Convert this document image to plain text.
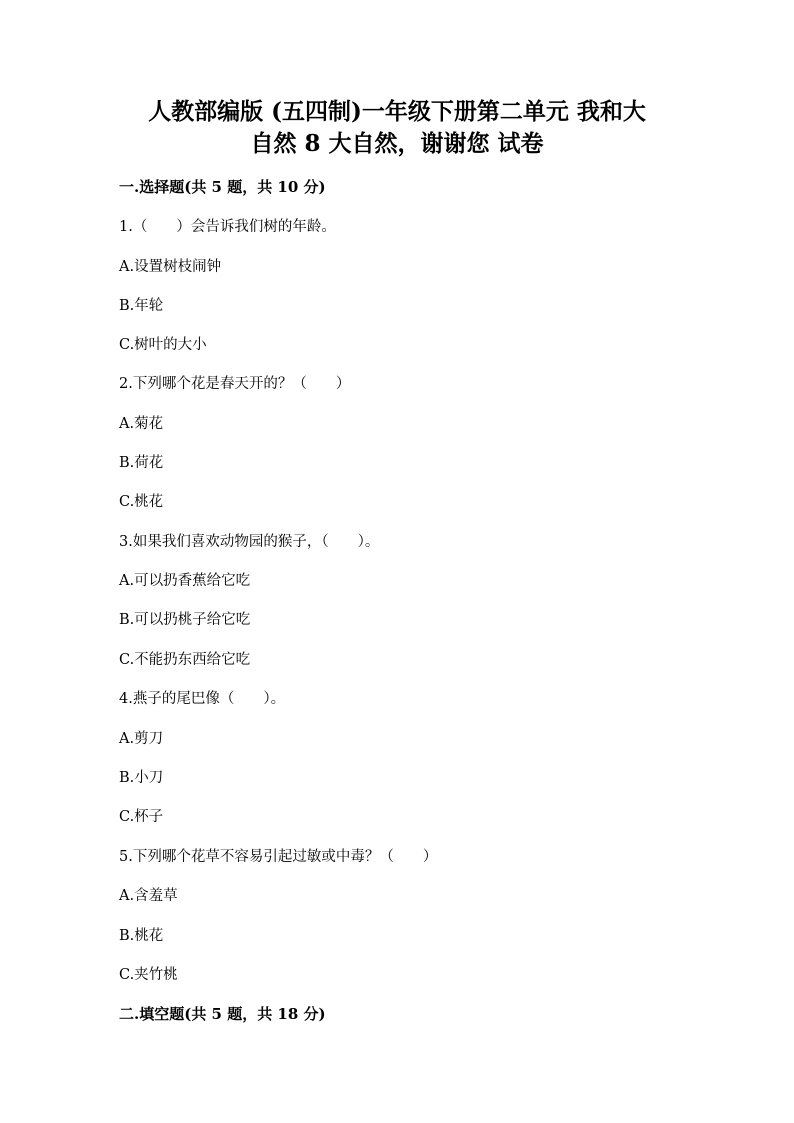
人教部编版 (五四制)一年级下册第二单元 我和大
自然 8 大自然，谢谢您 试卷
一.选择题(共 5 题，共 10 分)
1.（　　）会告诉我们树的年龄。
A.设置树枝闹钟
B.年轮
C.树叶的大小
2.下列哪个花是春天开的？（　　）
A.菊花
B.荷花
C.桃花
3.如果我们喜欢动物园的猴子，（　　）。
A.可以扔香蕉给它吃
B.可以扔桃子给它吃
C.不能扔东西给它吃
4.燕子的尾巴像（　　）。
A.剪刀
B.小刀
C.杯子
5.下列哪个花草不容易引起过敏或中毒？（　　）
A.含羞草
B.桃花
C.夹竹桃
二.填空题(共 5 题，共 18 分)
